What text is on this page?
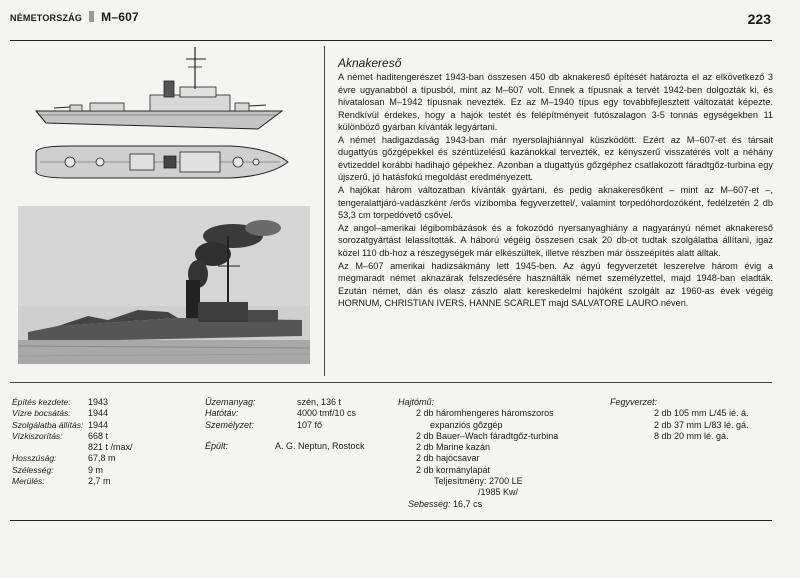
NÉMETORSZÁG M–607	223
Aknakereső

A német haditengerészet 1943-ban összesen 450 db aknakereső építését határozta el az elkövetkező 3 évre ugyanabból a típusból, mint az M–607 volt. Ennek a típusnak a tervét 1942-ben dolgozták ki, és hivatalosan M–1942 típusnak nevezték. Ez az M–1940 típus egy továbbfejlesztett változatát képezte. Rendkívül érdekes, hogy a hajók testét és felépítményeit futószalagon 3-5 tonnás egységekben 11 különböző gyárban kívánták legyártani.

A német hadigazdaság 1943-ban már nyersolajhiánnyal küszködött. Ezért az M–607-et és társait dugattyús gőzgépekkel és széntüzelésű kazánokkal tervezték, ez kényszerű visszatérés volt a néhány évtizeddel korábbi hadihajó gépekhez. Azonban a dugattyús gőzgéphez csatlakozott fáradtgőz-turbina egy újszerű, jó hatásfokú megoldást eredményezett.

A hajókat három változatban kívánták gyártani, és pedig aknakeresőként – mint az M–607-et –, tengeralattjáró-vadászként /erős vízibomba fegyverzettel/, valamint torpedóhordozóként, fedélzetén 2 db 53,3 cm torpedóvető csővel.

Az angol–amerikai légibombázások és a fokozódó nyersanyaghiány a nagyarányú német aknakereső sorozatgyártást lelassították. A háború végéig összesen csak 20 db-ot tudtak szolgálatba állítani, igaz közel 110 db-hoz a részegységek már elkészültek, illetve részben már összeépítés alatt álltak.

Az M–607 amerikai hadizsákmány lett 1945-ben. Az ágyú fegyverzetét leszerelve három évig a megmaradt német aknazárak felszedésére használták német személyzettel, majd 1948-ban eladták. Ezután német, dán és olasz zászló alatt kereskedelmi hajóként szolgált az 1960-as évek végéig HORNUM, CHRISTIAN IVERS, HANNE SCARLET majd SALVATORE LAURO néven.

Építés kezdete:	1943
Vízre bocsátás:	1944
Szolgálatba állítás: 1944
Vízkiszorítás:	668 t
821 t /max/
Hosszúság:	67,8 m
Szélesség:	9 m
Merülés:	2,7 m
Üzemanyag:	szén, 136 t
Hatótáv:	4000 tmf/10 cs
Személyzet:	107 fő
Épült:	A. G. Neptun, Rostock
Hajtómű:
2 db háromhengeres háromszoros
expanziós gőzgép
2 db Bauer–Wach fáradtgőz-turbina
2 db Marine kazán
2 db hajócsavar
2 db kormánylapát
Teljesítmény: 2700 LE
/1985 Kw/
Sebesség: 16,7 cs
Fegyverzet:
2 db 105 mm L/45 ié. á.
2 db 37 mm L/83 lé. gá.
8 db 20 mm lé. gá.
